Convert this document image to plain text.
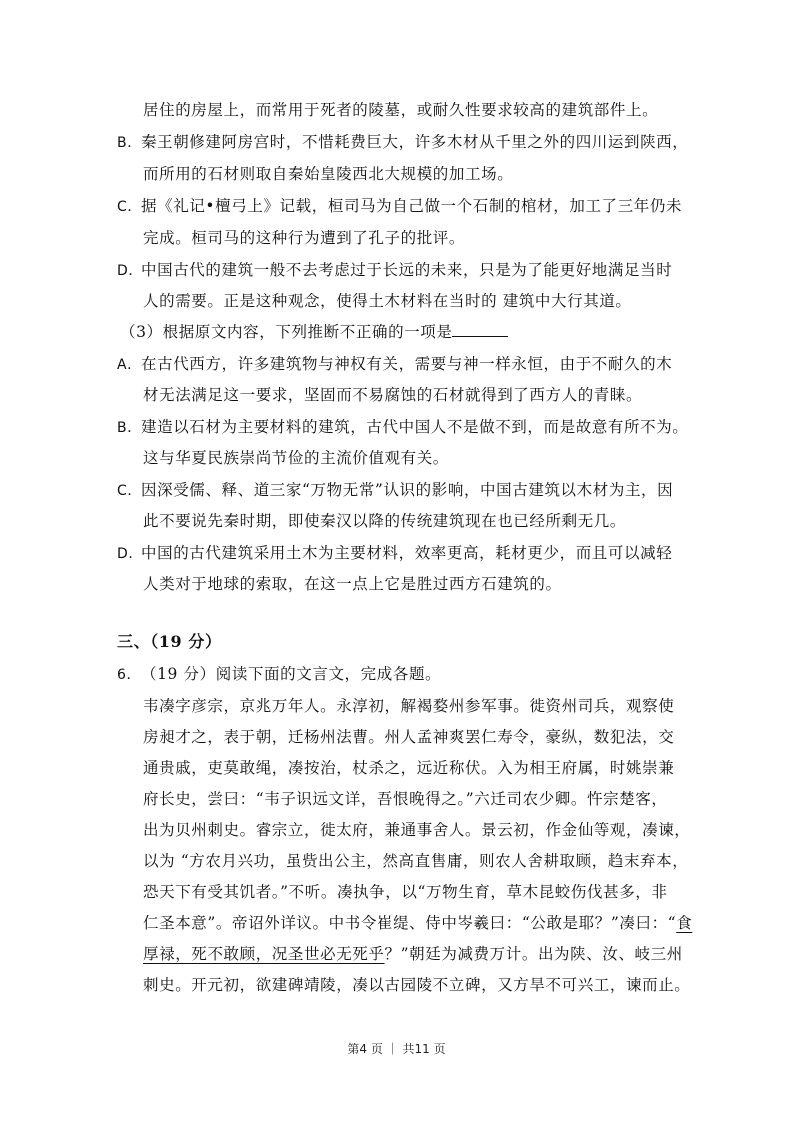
居住的房屋上，而常用于死者的陵墓，或耐久性要求较高的建筑部件上。
B．秦王朝修建阿房宫时，不惜耗费巨大，许多木材从千里之外的四川运到陕西，
而所用的石材则取自秦始皇陵西北大规模的加工场。
C．据《礼记•檀弓上》记载，桓司马为自己做一个石制的棺材，加工了三年仍未
完成。桓司马的这种行为遭到了孔子的批评。
D．中国古代的建筑一般不去考虑过于长远的未来，只是为了能更好地满足当时
人的需要。正是这种观念，使得土木材料在当时的 建筑中大行其道。
（3）根据原文内容，下列推断不正确的一项是
A．在古代西方，许多建筑物与神权有关，需要与神一样永恒，由于不耐久的木
材无法满足这一要求，坚固而不易腐蚀的石材就得到了西方人的青睐。
B．建造以石材为主要材料的建筑，古代中国人不是做不到，而是故意有所不为。
这与华夏民族崇尚节俭的主流价值观有关。
C．因深受儒、释、道三家“万物无常”认识的影响，中国古建筑以木材为主，因
此不要说先秦时期，即使秦汉以降的传统建筑现在也已经所剩无几。
D．中国的古代建筑采用土木为主要材料，效率更高，耗材更少，而且可以减轻
人类对于地球的索取，在这一点上它是胜过西方石建筑的。
三、（19 分）
6．（19 分）阅读下面的文言文，完成各题。
韦凑字彦宗，京兆万年人。永淳初，解褐婺州参军事。徙资州司兵，观察使
房昶才之，表于朝，迁杨州法曹。州人孟神爽罢仁寿令，豪纵，数犯法，交
通贵戚，吏莫敢绳，凑按治，杖杀之，远近称伏。入为相王府属，时姚崇兼
府长史，尝曰：“韦子识远文详，吾恨晚得之。”六迁司农少卿。忤宗楚客，
出为贝州刺史。睿宗立，徙太府，兼通事舍人。景云初，作金仙等观，凑谏，
以为 “方农月兴功，虽赀出公主，然高直售庸，则农人舍耕取顾，趋末弃本，
恐天下有受其饥者。”不听。凑执争，以“万物生育，草木昆蛟伤伐甚多，非
仁圣本意”。帝诏外详议。中书令崔缇、侍中岑羲曰：“公敢是耶？”凑曰：“食
厚禄，死不敢顾，况圣世必无死乎？”朝廷为减费万计。出为陕、汝、岐三州
刺史。开元初，欲建碑靖陵，凑以古园陵不立碑，又方旱不可兴工，谏而止。
第4 页 ｜ 共11 页
